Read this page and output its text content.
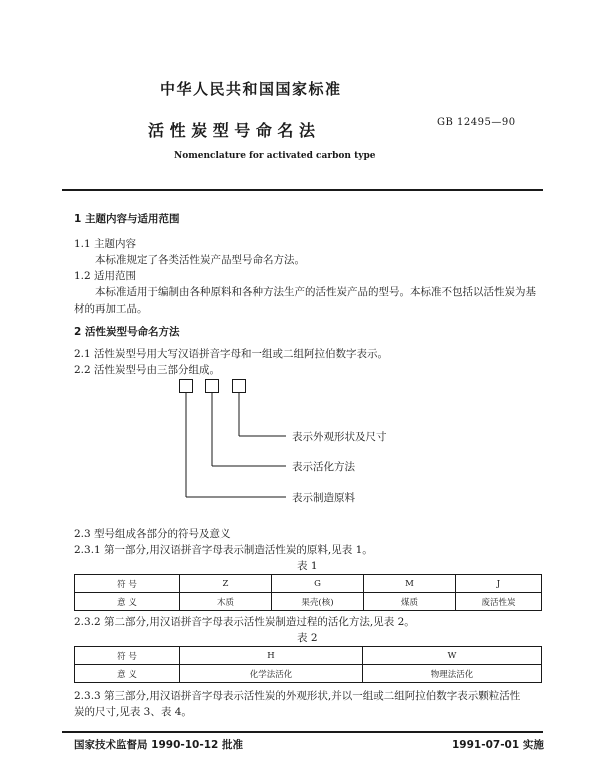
中华人民共和国国家标准
活 性 炭 型 号 命 名 法	GB 12495—90
Nomenclature for activated carbon type
1 主题内容与适用范围
1.1 主题内容
本标准规定了各类活性炭产品型号命名方法。
1.2 适用范围
本标准适用于编制由各种原料和各种方法生产的活性炭产品的型号。本标准不包括以活性炭为基
材的再加工品。
2 活性炭型号命名方法
2.1 活性炭型号用大写汉语拼音字母和一组或二组阿拉伯数字表示。
2.2 活性炭型号由三部分组成。
表示外观形状及尺寸
表示活化方法
表示制造原料
2.3 型号组成各部分的符号及意义
2.3.1 第一部分,用汉语拼音字母表示制造活性炭的原料,见表 1。
表 1
符 号	Z	G	M	J
意 义	木质	果壳(核)	煤质	废活性炭
2.3.2 第二部分,用汉语拼音字母表示活性炭制造过程的活化方法,见表 2。
表 2
符 号	H	W
意 义	化学法活化	物理法活化
2.3.3 第三部分,用汉语拼音字母表示活性炭的外观形状,并以一组或二组阿拉伯数字表示颗粒活性
炭的尺寸,见表 3、表 4。
国家技术监督局 1990-10-12 批准	1991-07-01 实施
